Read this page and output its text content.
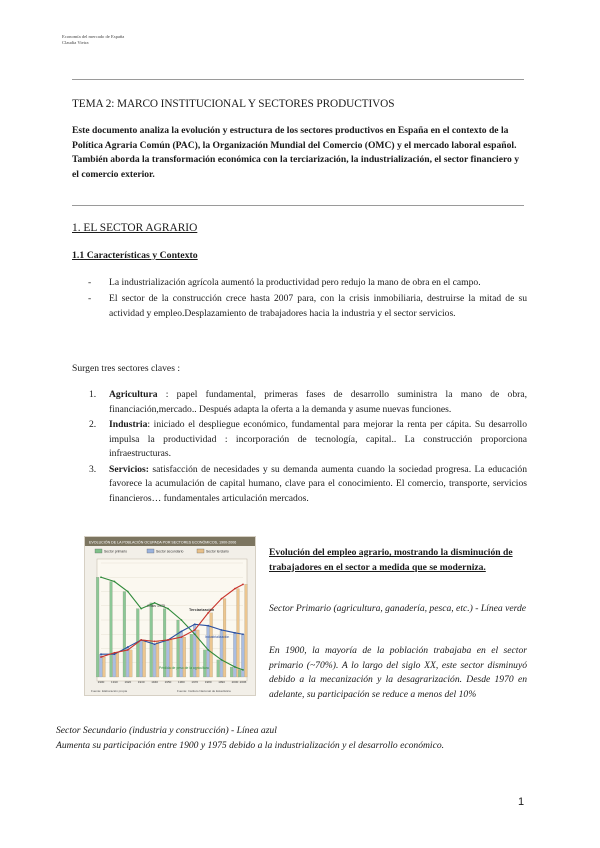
Economía del mercado de España
Claudia Vieira
TEMA 2: MARCO INSTITUCIONAL Y SECTORES PRODUCTIVOS
Este documento analiza la evolución y estructura de los sectores productivos en España en el contexto de la Política Agraria Común (PAC), la Organización Mundial del Comercio (OMC) y el mercado laboral español. También aborda la transformación económica con la terciarización, la industrialización, el sector financiero y el comercio exterior.
1. EL SECTOR AGRARIO
1.1 Características y Contexto
- La industrialización agrícola aumentó la productividad pero redujo la mano de obra en el campo.
- El sector de la construcción crece hasta 2007 para, con la crisis inmobiliaria, destruirse la mitad de su actividad y empleo.Desplazamiento de trabajadores hacia la industria y el sector servicios.
Surgen tres sectores claves :
1. Agricultura : papel fundamental, primeras fases de desarrollo suministra la mano de obra, financiación,mercado.. Después adapta la oferta a la demanda y asume nuevas funciones.
2. Industria: iniciado el despliegue económico, fundamental para mejorar la renta per cápita. Su desarrollo impulsa la productividad : incorporación de tecnología, capital.. La construcción proporciona infraestructuras.
3. Servicios: satisfacción de necesidades y su demanda aumenta cuando la sociedad progresa. La educación favorece la acumulación de capital humano, clave para el conocimiento. El comercio, transporte, servicios financieros… fundamentales articulación mercados.
EVOLUCIÓN DE LA POBLACIÓN OCUPADA POR SECTORES ECONÓMICOS, 1900-2006
Sector primario	Sector secundario	Sector terciario
1900 1910 1920 1930 1940 1950 1960 1970 1980 1990 2000 2006
Crisis 1975
Terciarización
Industrialización
Pérdida de peso de la agricultura
Fuente: Elaboración propia	Fuente: Instituto Nacional de Estadística
Evolución del empleo agrario, mostrando la disminución de trabajadores en el sector a medida que se moderniza.
Sector Primario (agricultura, ganadería, pesca, etc.) - Línea verde
En 1900, la mayoría de la población trabajaba en el sector primario (~70%). A lo largo del siglo XX, este sector disminuyó debido a la mecanización y la desagrarización. Desde 1970 en adelante, su participación se reduce a menos del 10%
Sector Secundario (industria y construcción) - Línea azul
Aumenta su participación entre 1900 y 1975 debido a la industrialización y el desarrollo económico.
1
